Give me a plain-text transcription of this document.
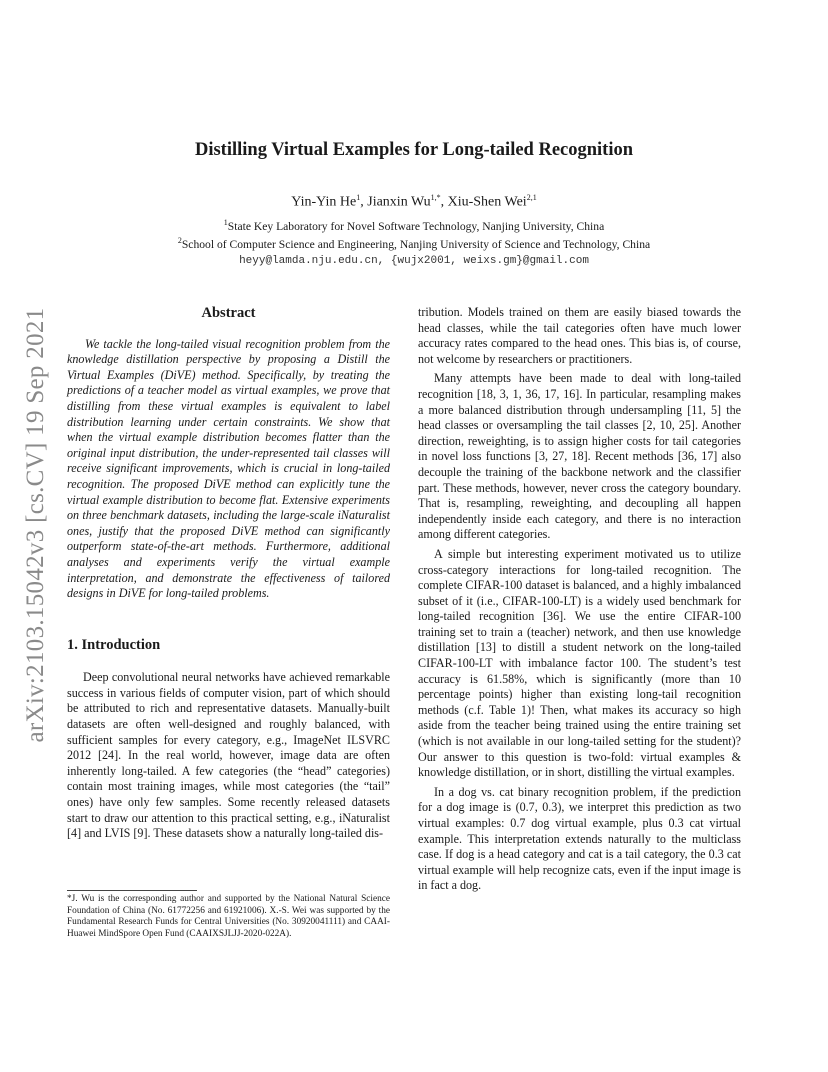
arXiv:2103.15042v3 [cs.CV] 19 Sep 2021
Distilling Virtual Examples for Long-tailed Recognition
Yin-Yin He$^1$, Jianxin $Wu^{1,*}$, Xiu-Shen Wei$^{2,1}$
$^1$State Key Laboratory for Novel Software Technology, Nanjing University, China
$^2$School of Computer Science and Engineering, Nanjing University of Science and Technology, China
heyy@lamda.nju.edu.cn, {wujx2001, weixs.gm}@gmail.com
Abstract

We tackle the long-tailed visual recognition problem from the knowledge distillation perspective by proposing a Distill the Virtual Examples (DiVE) method. Specifically, by treating the predictions of a teacher model as virtual examples, we prove that distilling from these virtual examples is equivalent to label distribution learning under certain constraints. We show that when the virtual example distribution becomes flatter than the original input distribution, the under-represented tail classes will receive significant improvements, which is crucial in long-tailed recognition. The proposed DiVE method can explicitly tune the virtual example distribution to become flat. Extensive experiments on three benchmark datasets, including the large-scale iNaturalist ones, justify that the proposed DiVE method can significantly outperform state-of-the-art methods. Furthermore, additional analyses and experiments verify the virtual example interpretation, and demonstrate the effectiveness of tailored designs in DiVE for long-tailed problems.

1. Introduction

Deep convolutional neural networks have achieved remarkable success in various fields of computer vision, part of which should be attributed to rich and representative datasets. Manually-built datasets are often well-designed and roughly balanced, with sufficient samples for every category, e.g., ImageNet ILSVRC 2012 [24]. In the real world, however, image data are often inherently long-tailed. A few categories (the “head” categories) contain most training images, while most categories (the “tail” ones) have only few samples. Some recently released datasets start to draw our attention to this practical setting, e.g., iNaturalist [4] and LVIS [9]. These datasets show a naturally long-tailed dis-

*J. Wu is the corresponding author and supported by the National Natural Science Foundation of China (No. 61772256 and 61921006). X.-S. Wei was supported by the Fundamental Research Funds for Central Universities (No. 30920041111) and CAAI-Huawei MindSpore Open Fund (CAAIXSJLJJ-2020-022A).

tribution. Models trained on them are easily biased towards the head classes, while the tail categories often have much lower accuracy rates compared to the head ones. This bias is, of course, not welcome by researchers or practitioners.

Many attempts have been made to deal with long-tailed recognition [18, 3, 1, 36, 17, 16]. In particular, resampling makes a more balanced distribution through undersampling [11, 5] the head classes or oversampling the tail classes [2, 10, 25]. Another direction, reweighting, is to assign higher costs for tail categories in novel loss functions [3, 27, 18]. Recent methods [36, 17] also decouple the training of the backbone network and the classifier part. These methods, however, never cross the category boundary. That is, resampling, reweighting, and decoupling all happen independently inside each category, and there is no interaction among different categories.

A simple but interesting experiment motivated us to utilize cross-category interactions for long-tailed recognition. The complete CIFAR-100 dataset is balanced, and a highly imbalanced subset of it (i.e., CIFAR-100-LT) is a widely used benchmark for long-tailed recognition [36]. We use the entire CIFAR-100 training set to train a (teacher) network, and then use knowledge distillation [13] to distill a student network on the long-tailed CIFAR-100-LT with imbalance factor 100. The student’s test accuracy is 61.58%, which is significantly (more than 10 percentage points) higher than existing long-tail recognition methods (c.f. Table 1)! Then, what makes its accuracy so high aside from the teacher being trained using the entire training set (which is not available in our long-tailed setting for the student)? Our answer to this question is two-fold: virtual examples & knowledge distillation, or in short, distilling the virtual examples.

In a dog vs. cat binary recognition problem, if the prediction for a dog image is (0.7, 0.3), we interpret this prediction as two virtual examples: 0.7 dog virtual example, plus 0.3 cat virtual example. This interpretation extends naturally to the multiclass case. If dog is a head category and cat is a tail category, the 0.3 cat virtual example will help recognize cats, even if the input image is in fact a dog.
